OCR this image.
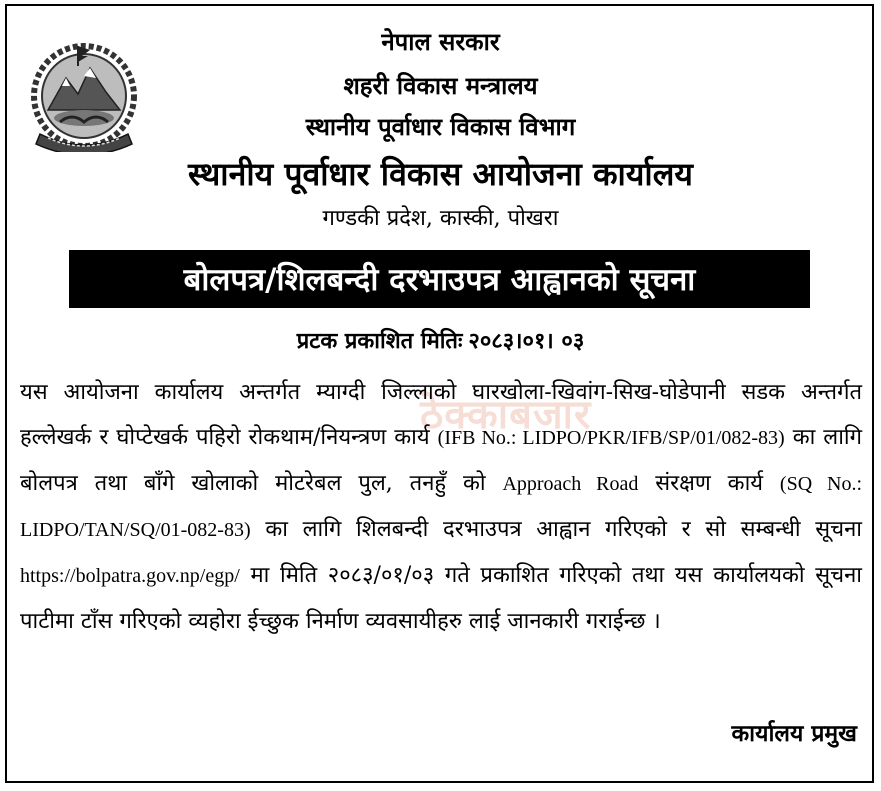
नेपाल सरकार
शहरी विकास मन्त्रालय
स्थानीय पूर्वाधार विकास विभाग
स्थानीय पूर्वाधार विकास आयोजना कार्यालय
गण्डकी प्रदेश, कास्की, पोखरा
बोलपत्र/शिलबन्दी दरभाउपत्र आह्वानको सूचना
प्रटक प्रकाशित मितिः २०८३।०१। ०३
ठेक्काबजार
यस आयोजना कार्यालय अन्तर्गत म्याग्दी जिल्लाको घारखोला-खिवांग-सिख-घोडेपानी सडक अन्तर्गत हल्लेखर्क र घोप्टेखर्क पहिरो रोकथाम/नियन्त्रण कार्य (IFB No.: LIDPO/PKR/IFB/SP/01/082-83) का लागि बोलपत्र तथा बाँगे खोलाको मोटरेबल पुल, तनहुँ को Approach Road संरक्षण कार्य (SQ No.: LIDPO/TAN/SQ/01-082-83) का लागि शिलबन्दी दरभाउपत्र आह्वान गरिएको र सो सम्बन्धी सूचना https://bolpatra.gov.np/egp/ मा मिति २०८३/०१/०३ गते प्रकाशित गरिएको तथा यस कार्यालयको सूचना पाटीमा टाँस गरिएको व्यहोरा ईच्छुक निर्माण व्यवसायीहरु लाई जानकारी गराईन्छ ।
कार्यालय प्रमुख
